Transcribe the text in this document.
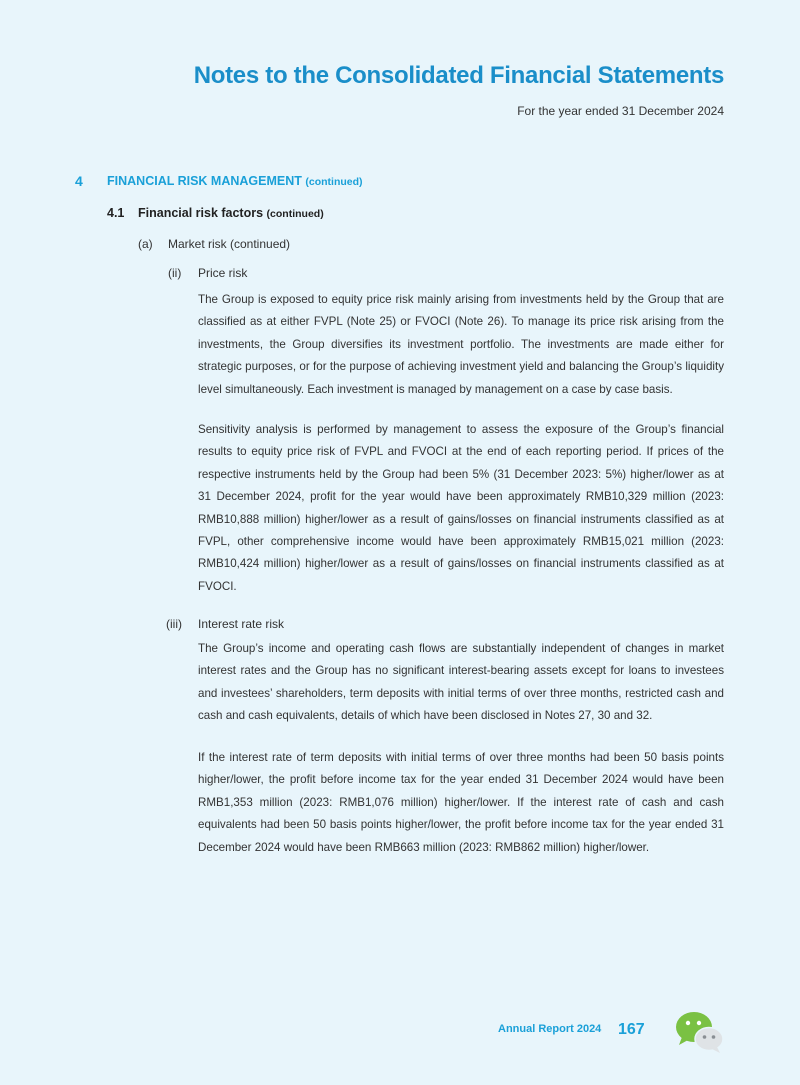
Notes to the Consolidated Financial Statements
For the year ended 31 December 2024
4 FINANCIAL RISK MANAGEMENT (continued)
4.1 Financial risk factors (continued)
(a) Market risk (continued)
(ii) Price risk
The Group is exposed to equity price risk mainly arising from investments held by the Group that are classified as at either FVPL (Note 25) or FVOCI (Note 26). To manage its price risk arising from the investments, the Group diversifies its investment portfolio. The investments are made either for strategic purposes, or for the purpose of achieving investment yield and balancing the Group’s liquidity level simultaneously. Each investment is managed by management on a case by case basis.
Sensitivity analysis is performed by management to assess the exposure of the Group’s financial results to equity price risk of FVPL and FVOCI at the end of each reporting period. If prices of the respective instruments held by the Group had been 5% (31 December 2023: 5%) higher/lower as at 31 December 2024, profit for the year would have been approximately RMB10,329 million (2023: RMB10,888 million) higher/lower as a result of gains/losses on financial instruments classified as at FVPL, other comprehensive income would have been approximately RMB15,021 million (2023: RMB10,424 million) higher/lower as a result of gains/losses on financial instruments classified as at FVOCI.
(iii) Interest rate risk
The Group’s income and operating cash flows are substantially independent of changes in market interest rates and the Group has no significant interest-bearing assets except for loans to investees and investees’ shareholders, term deposits with initial terms of over three months, restricted cash and cash and cash equivalents, details of which have been disclosed in Notes 27, 30 and 32.
If the interest rate of term deposits with initial terms of over three months had been 50 basis points higher/lower, the profit before income tax for the year ended 31 December 2024 would have been RMB1,353 million (2023: RMB1,076 million) higher/lower. If the interest rate of cash and cash equivalents had been 50 basis points higher/lower, the profit before income tax for the year ended 31 December 2024 would have been RMB663 million (2023: RMB862 million) higher/lower.
Annual Report 2024 167
